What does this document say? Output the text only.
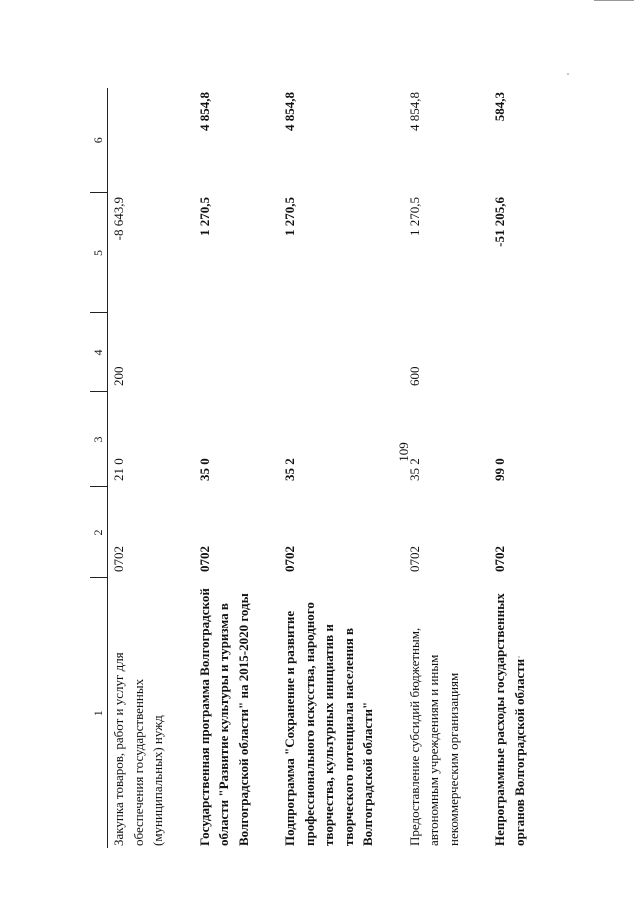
109
1	2	3	4	5	6
Закупка товаров, работ и услуг для обеспечения государственных (муниципальных) нужд	0702	21 0	200	-8 643,9	
Государственная программа Волгоградской области "Развитие культуры и туризма в Волгоградской области" на 2015-2020 годы	0702	35 0		1 270,5	4 854,8
Подпрограмма "Сохранение и развитие профессионального искусства, народного творчества, культурных инициатив и творческого потенциала населения в Волгоградской области"	0702	35 2		1 270,5	4 854,8
Предоставление субсидий бюджетным, автономным учреждениям и иным некоммерческим организациям	0702	35 2	600	1 270,5	4 854,8
Непрограммные расходы государственных органов Волгоградской области	0702	99 0		-51 205,6	584,3
